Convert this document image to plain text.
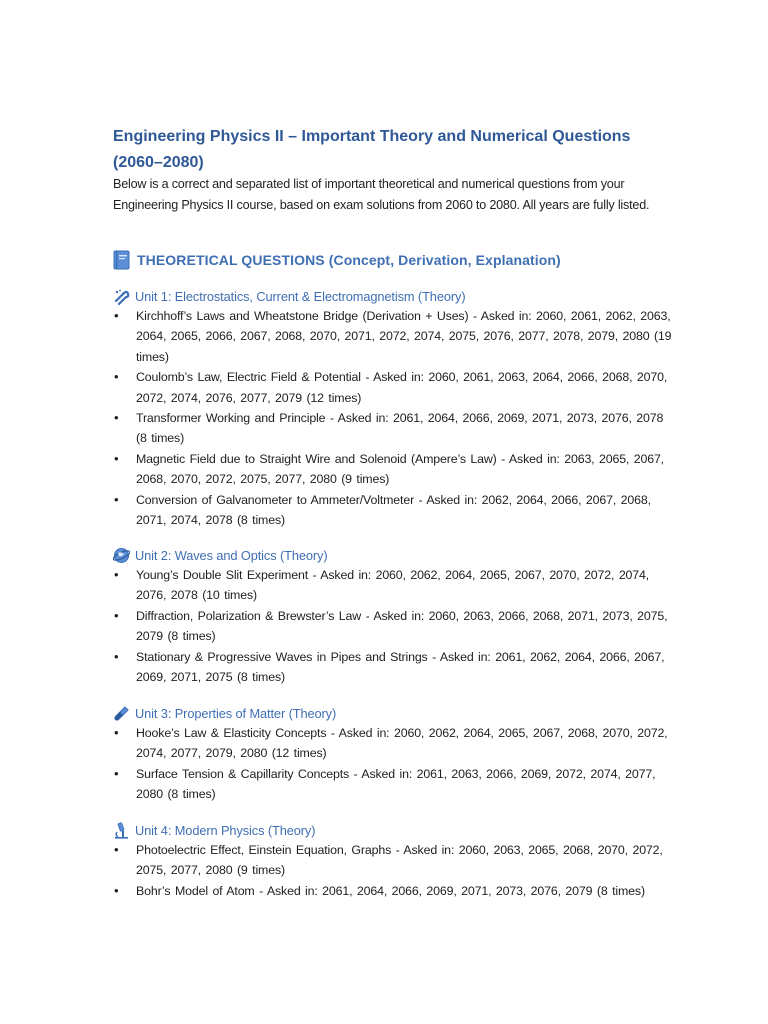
Engineering Physics II – Important Theory and Numerical Questions (2060–2080)

Below is a correct and separated list of important theoretical and numerical questions from your Engineering Physics II course, based on exam solutions from 2060 to 2080. All years are fully listed.

THEORETICAL QUESTIONS (Concept, Derivation, Explanation)
Unit 1: Electrostatics, Current & Electromagnetism (Theory)
• Kirchhoff’s Laws and Wheatstone Bridge (Derivation + Uses) - Asked in: 2060, 2061, 2062, 2063, 2064, 2065, 2066, 2067, 2068, 2070, 2071, 2072, 2074, 2075, 2076, 2077, 2078, 2079, 2080 (19 times)
• Coulomb’s Law, Electric Field & Potential - Asked in: 2060, 2061, 2063, 2064, 2066, 2068, 2070, 2072, 2074, 2076, 2077, 2079 (12 times)
• Transformer Working and Principle - Asked in: 2061, 2064, 2066, 2069, 2071, 2073, 2076, 2078 (8 times)
• Magnetic Field due to Straight Wire and Solenoid (Ampere’s Law) - Asked in: 2063, 2065, 2067, 2068, 2070, 2072, 2075, 2077, 2080 (9 times)
• Conversion of Galvanometer to Ammeter/Voltmeter - Asked in: 2062, 2064, 2066, 2067, 2068, 2071, 2074, 2078 (8 times)
Unit 2: Waves and Optics (Theory)
• Young’s Double Slit Experiment - Asked in: 2060, 2062, 2064, 2065, 2067, 2070, 2072, 2074, 2076, 2078 (10 times)
• Diffraction, Polarization & Brewster’s Law - Asked in: 2060, 2063, 2066, 2068, 2071, 2073, 2075, 2079 (8 times)
• Stationary & Progressive Waves in Pipes and Strings - Asked in: 2061, 2062, 2064, 2066, 2067, 2069, 2071, 2075 (8 times)
Unit 3: Properties of Matter (Theory)
• Hooke’s Law & Elasticity Concepts - Asked in: 2060, 2062, 2064, 2065, 2067, 2068, 2070, 2072, 2074, 2077, 2079, 2080 (12 times)
• Surface Tension & Capillarity Concepts - Asked in: 2061, 2063, 2066, 2069, 2072, 2074, 2077, 2080 (8 times)
Unit 4: Modern Physics (Theory)
• Photoelectric Effect, Einstein Equation, Graphs - Asked in: 2060, 2063, 2065, 2068, 2070, 2072, 2075, 2077, 2080 (9 times)
• Bohr’s Model of Atom - Asked in: 2061, 2064, 2066, 2069, 2071, 2073, 2076, 2079 (8 times)
